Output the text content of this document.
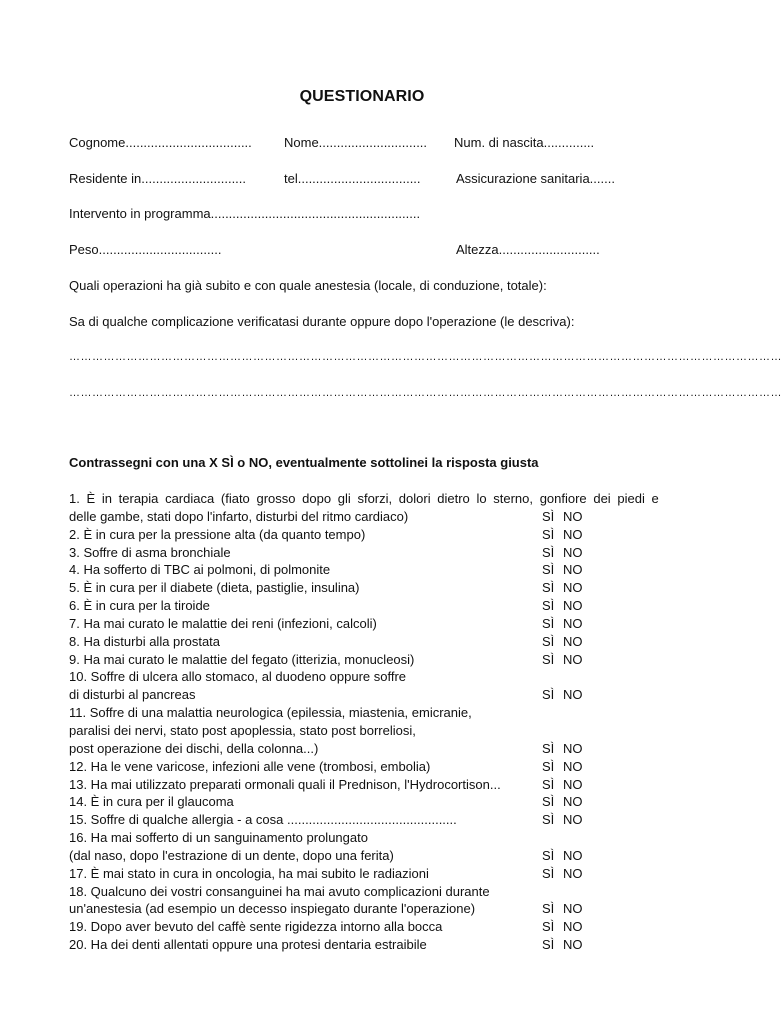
QUESTIONARIO
Cognome................................... Nome.............................. Num. di nascita..............
Residente in.............................	tel..................................	Assicurazione sanitaria.......
Intervento in programma..........................................................
Peso..................................	Altezza............................
Quali operazioni ha già subito e con quale anestesia (locale, di conduzione, totale):
Sa di qualche complicazione verificatasi durante oppure dopo l'operazione (le descriva):
……………………………………………………………………………………………………………………………………………………………………
……………………………………………………………………………………………………………………………………………………………………
Contrassegni con una X SÌ o NO, eventualmente sottolinei la risposta giusta
1. È in terapia cardiaca (fiato grosso dopo gli sforzi, dolori dietro lo sterno, gonfiore dei piedi e
delle gambe, stati dopo l'infarto, disturbi del ritmo cardiaco)	SÌ NO
2. È in cura per la pressione alta (da quanto tempo)	SÌ NO
3. Soffre di asma bronchiale	SÌ NO
4. Ha sofferto di TBC ai polmoni, di polmonite	SÌ NO
5. È in cura per il diabete (dieta, pastiglie, insulina)	SÌ NO
6. È in cura per la tiroide	SÌ NO
7. Ha mai curato le malattie dei reni (infezioni, calcoli)	SÌ NO
8. Ha disturbi alla prostata	SÌ NO
9. Ha mai curato le malattie del fegato (itterizia, monucleosi)	SÌ NO
10. Soffre di ulcera allo stomaco, al duodeno oppure soffre
di disturbi al pancreas	SÌ NO
11. Soffre di una malattia neurologica (epilessia, miastenia, emicranie,
paralisi dei nervi, stato post apoplessia, stato post borreliosi,
post operazione dei dischi, della colonna...)	SÌ NO
12. Ha le vene varicose, infezioni alle vene (trombosi, embolia)	SÌ NO
13. Ha mai utilizzato preparati ormonali quali il Prednison, l'Hydrocortison...	SÌ NO
14. È in cura per il glaucoma	SÌ NO
15. Soffre di qualche allergia - a cosa ...............................................	SÌ NO
16. Ha mai sofferto di un sanguinamento prolungato
(dal naso, dopo l'estrazione di un dente, dopo una ferita)	SÌ NO
17. È mai stato in cura in oncologia, ha mai subito le radiazioni	SÌ NO
18. Qualcuno dei vostri consanguinei ha mai avuto complicazioni durante
un'anestesia (ad esempio un decesso inspiegato durante l'operazione)	SÌ NO
19. Dopo aver bevuto del caffè sente rigidezza intorno alla bocca	SÌ NO
20. Ha dei denti allentati oppure una protesi dentaria estraibile	SÌ NO
